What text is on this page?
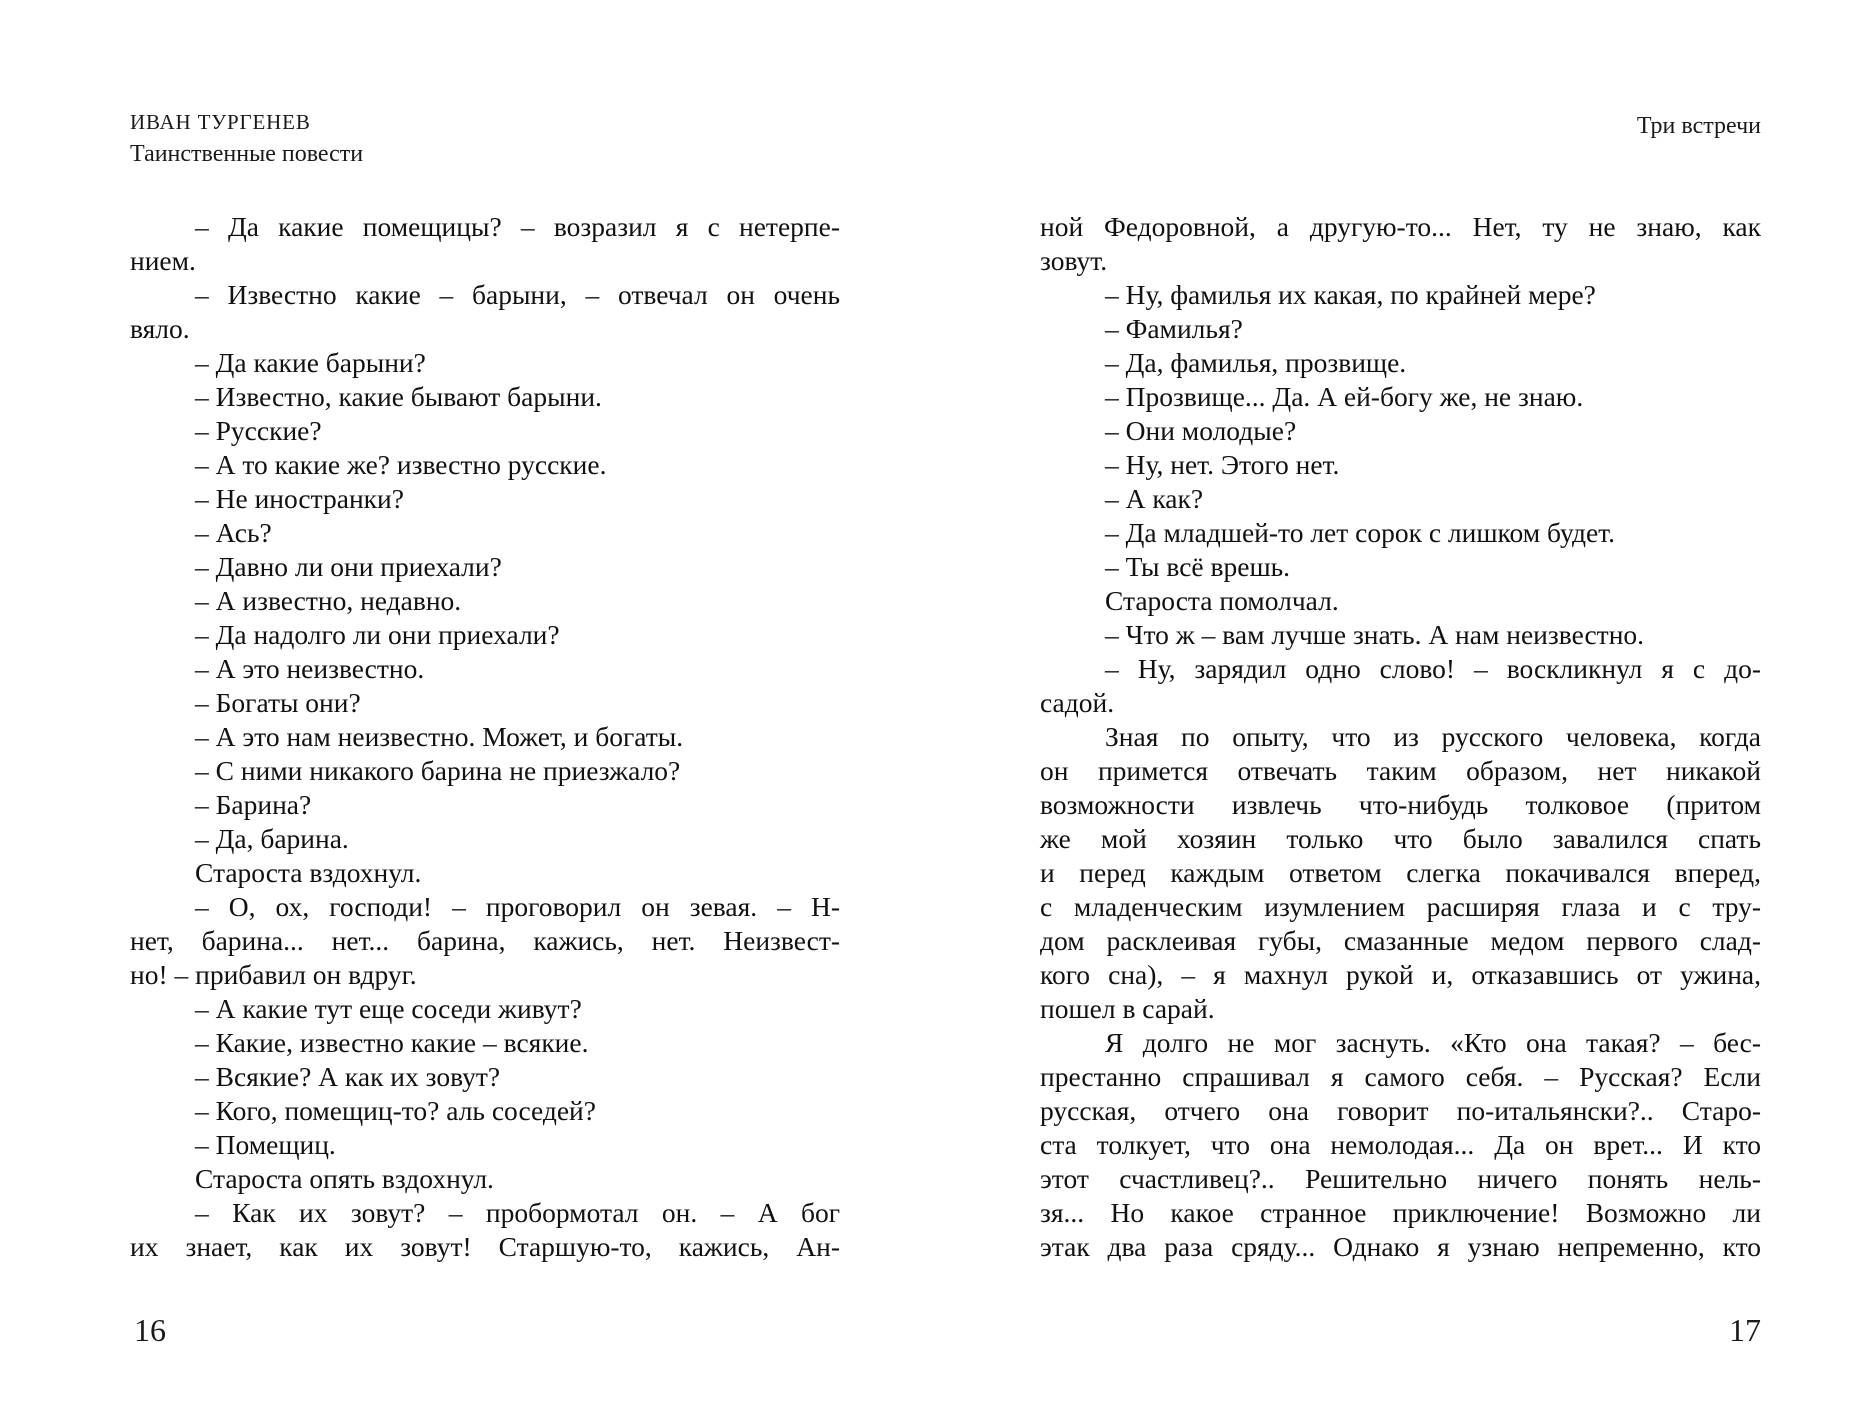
ИВАН ТУРГЕНЕВ
Таинственные повести
– Да какие помещицы? – возразил я с нетерпе-
нием.
– Известно какие – барыни, – отвечал он очень
вяло.
– Да какие барыни?
– Известно, какие бывают барыни.
– Русские?
– А то какие же? известно русские.
– Не иностранки?
– Ась?
– Давно ли они приехали?
– А известно, недавно.
– Да надолго ли они приехали?
– А это неизвестно.
– Богаты они?
– А это нам неизвестно. Может, и богаты.
– С ними никакого барина не приезжало?
– Барина?
– Да, барина.
Староста вздохнул.
– О, ох, господи! – проговорил он зевая. – Н-
нет, барина... нет... барина, кажись, нет. Неизвест-
но! – прибавил он вдруг.
– А какие тут еще соседи живут?
– Какие, известно какие – всякие.
– Всякие? А как их зовут?
– Кого, помещиц-то? аль соседей?
– Помещиц.
Староста опять вздохнул.
– Как их зовут? – пробормотал он. – А бог
их знает, как их зовут! Старшую-то, кажись, Ан-
16
Три встречи
ной Федоровной, а другую-то... Нет, ту не знаю, как
зовут.
– Ну, фамилья их какая, по крайней мере?
– Фамилья?
– Да, фамилья, прозвище.
– Прозвище... Да. А ей-богу же, не знаю.
– Они молодые?
– Ну, нет. Этого нет.
– А как?
– Да младшей-то лет сорок с лишком будет.
– Ты всё врешь.
Староста помолчал.
– Что ж – вам лучше знать. А нам неизвестно.
– Ну, зарядил одно слово! – воскликнул я с до-
садой.
Зная по опыту, что из русского человека, когда
он примется отвечать таким образом, нет никакой
возможности извлечь что-нибудь толковое (притом
же мой хозяин только что было завалился спать
и перед каждым ответом слегка покачивался вперед,
с младенческим изумлением расширяя глаза и с тру-
дом расклеивая губы, смазанные медом первого слад-
кого сна), – я махнул рукой и, отказавшись от ужина,
пошел в сарай.
Я долго не мог заснуть. «Кто она такая? – бес-
престанно спрашивал я самого себя. – Русская? Если
русская, отчего она говорит по-итальянски?.. Старо-
ста толкует, что она немолодая... Да он врет... И кто
этот счастливец?.. Решительно ничего понять нель-
зя... Но какое странное приключение! Возможно ли
этак два раза сряду... Однако я узнаю непременно, кто
17
